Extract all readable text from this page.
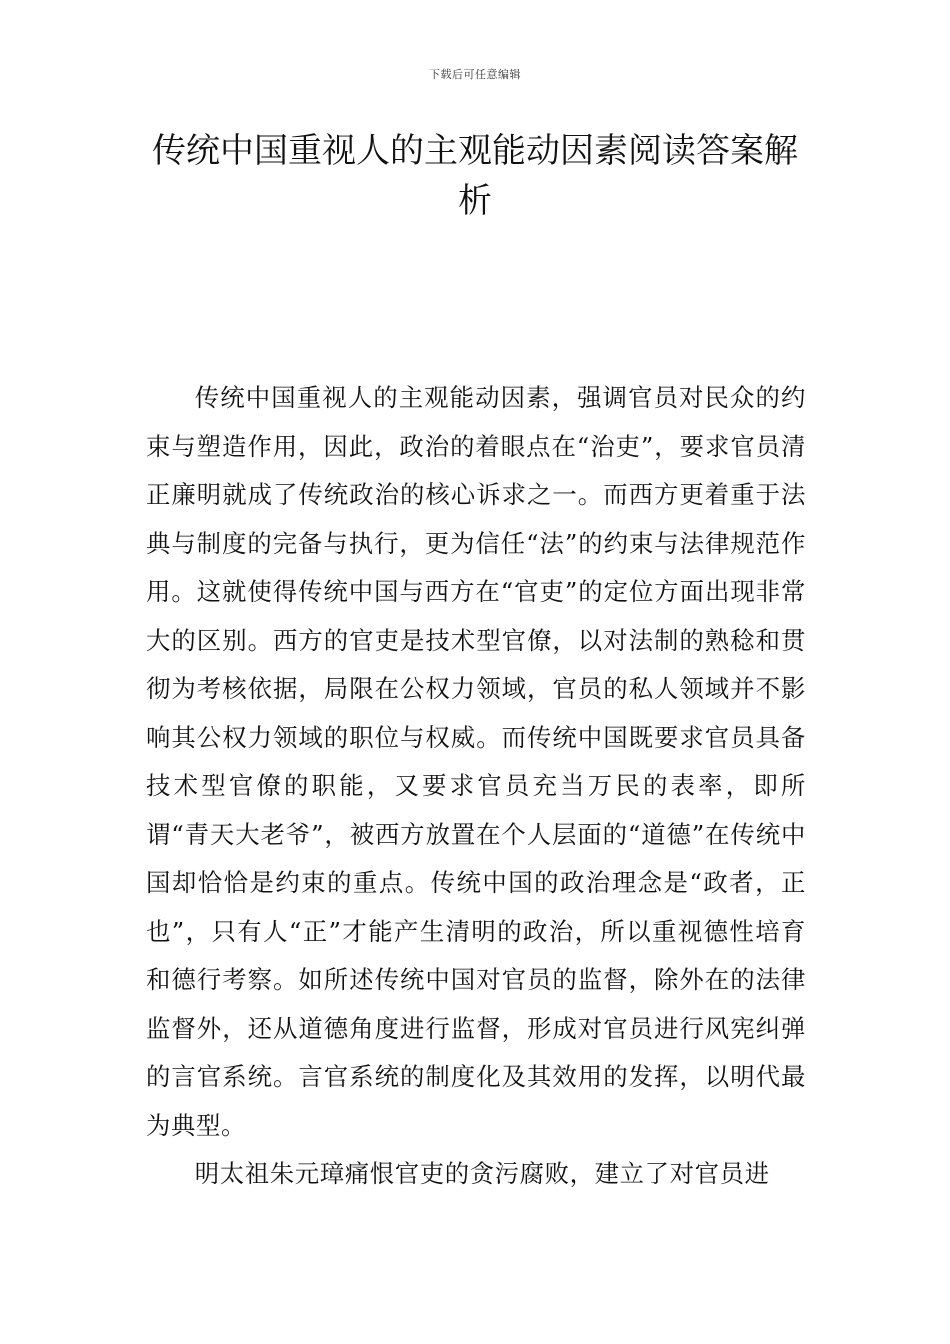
下载后可任意编辑
传统中国重视人的主观能动因素阅读答案解析

传统中国重视人的主观能动因素，强调官员对民众的约束与塑造作用，因此，政治的着眼点在“治吏”，要求官员清正廉明就成了传统政治的核心诉求之一。而西方更着重于法典与制度的完备与执行，更为信任“法”的约束与法律规范作用。这就使得传统中国与西方在“官吏”的定位方面出现非常大的区别。西方的官吏是技术型官僚，以对法制的熟稔和贯彻为考核依据，局限在公权力领域，官员的私人领域并不影响其公权力领域的职位与权威。而传统中国既要求官员具备技术型官僚的职能，又要求官员充当万民的表率，即所谓“青天大老爷”，被西方放置在个人层面的“道德”在传统中国却恰恰是约束的重点。传统中国的政治理念是“政者，正也”，只有人“正”才能产生清明的政治，所以重视德性培育和德行考察。如所述传统中国对官员的监督，除外在的法律监督外，还从道德角度进行监督，形成对官员进行风宪纠弹的言官系统。言官系统的制度化及其效用的发挥，以明代最为典型。

明太祖朱元璋痛恨官吏的贪污腐败，建立了对官员进
